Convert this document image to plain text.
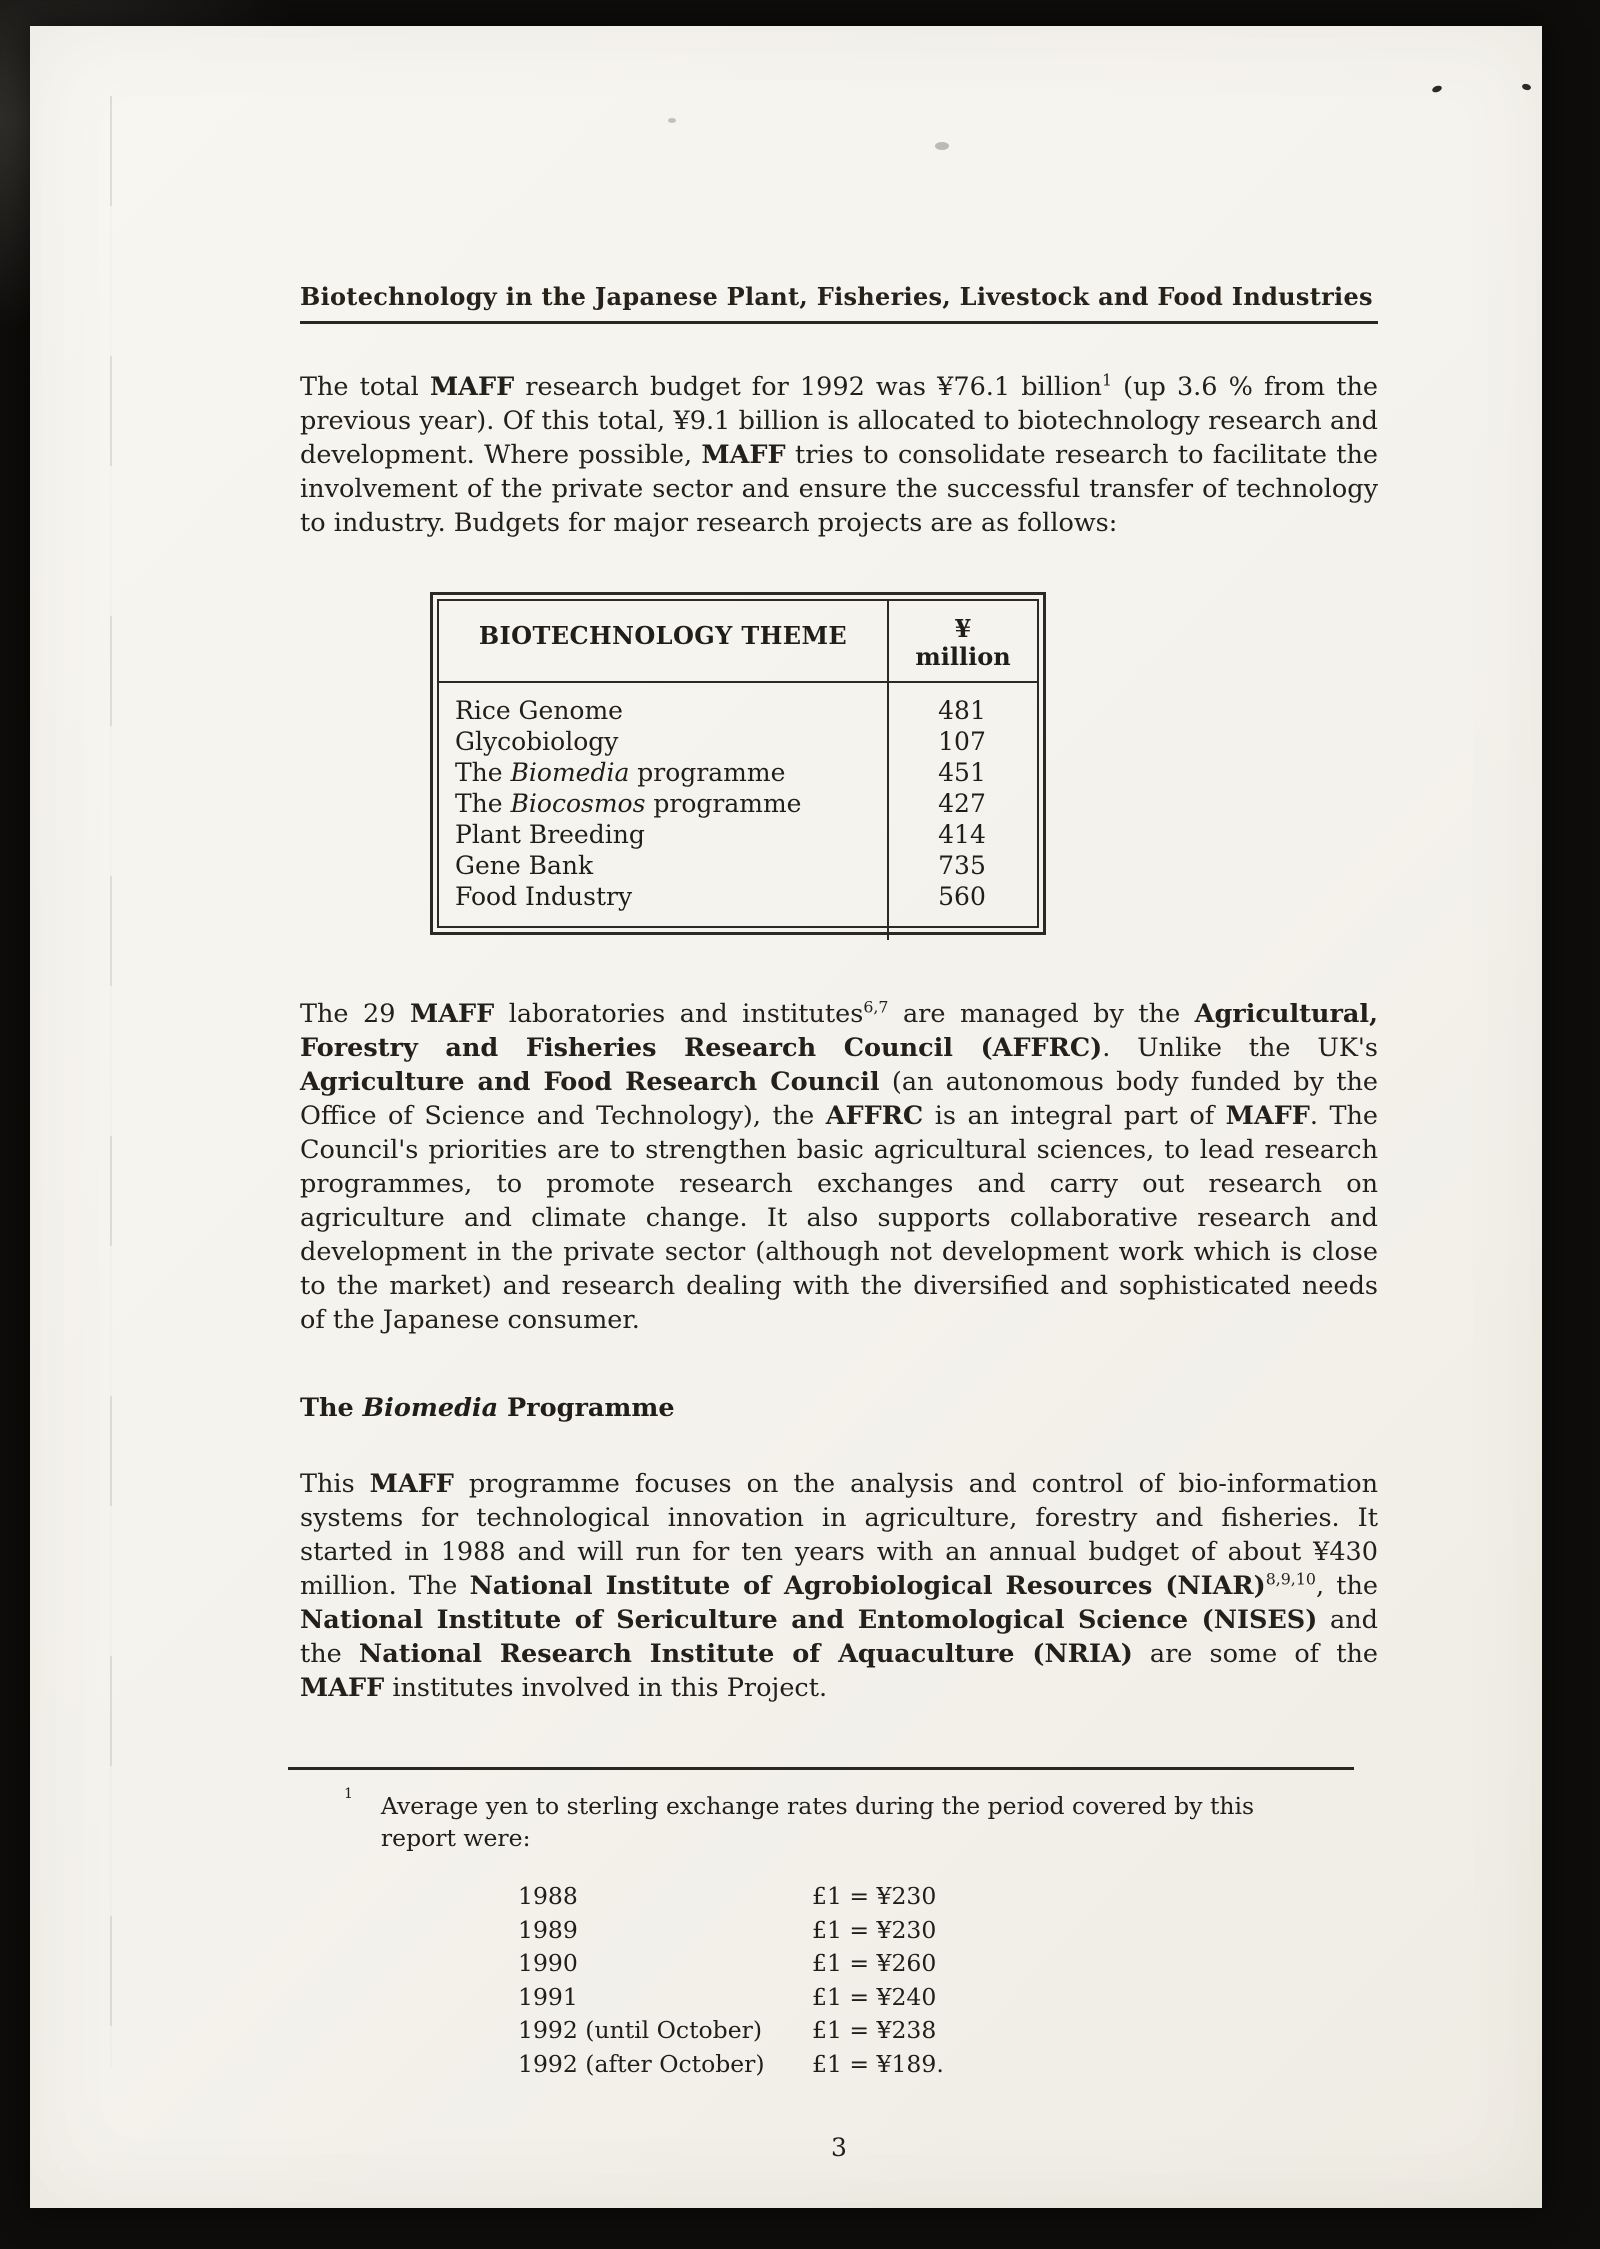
Biotechnology in the Japanese Plant, Fisheries, Livestock and Food Industries

The total MAFF research budget for 1992 was ¥76.1 billion$^1$ (up 3.6 % from the previous year). Of this total, ¥9.1 billion is allocated to biotechnology research and development. Where possible, MAFF tries to consolidate research to facilitate the involvement of the private sector and ensure the successful transfer of technology to industry. Budgets for major research projects are as follows:

BIOTECHNOLOGY THEME	¥
million
Rice Genome	481
Glycobiology	107
The Biomedia programme	451
The Biocosmos programme	427
Plant Breeding	414
Gene Bank	735
Food Industry	560

The 29 MAFF laboratories and institutes$^{6,7}$ are managed by the Agricultural, Forestry and Fisheries Research Council (AFFRC). Unlike the UK's Agriculture and Food Research Council (an autonomous body funded by the Office of Science and Technology), the AFFRC is an integral part of MAFF. The Council's priorities are to strengthen basic agricultural sciences, to lead research programmes, to promote research exchanges and carry out research on agriculture and climate change. It also supports collaborative research and development in the private sector (although not development work which is close to the market) and research dealing with the diversified and sophisticated needs of the Japanese consumer.

The Biomedia Programme

This MAFF programme focuses on the analysis and control of bio-information systems for technological innovation in agriculture, forestry and fisheries. It started in 1988 and will run for ten years with an annual budget of about ¥430 million. The National Institute of Agrobiological Resources (NIAR)$^{8,9,10}$, the National Institute of Sericulture and Entomological Science (NISES) and the National Research Institute of Aquaculture (NRIA) are some of the MAFF institutes involved in this Project.

1 Average yen to sterling exchange rates during the period covered by this report were:
1988	£1 = ¥230
1989	£1 = ¥230
1990	£1 = ¥260
1991	£1 = ¥240
1992 (until October)	£1 = ¥238
1992 (after October)	£1 = ¥189.
3
